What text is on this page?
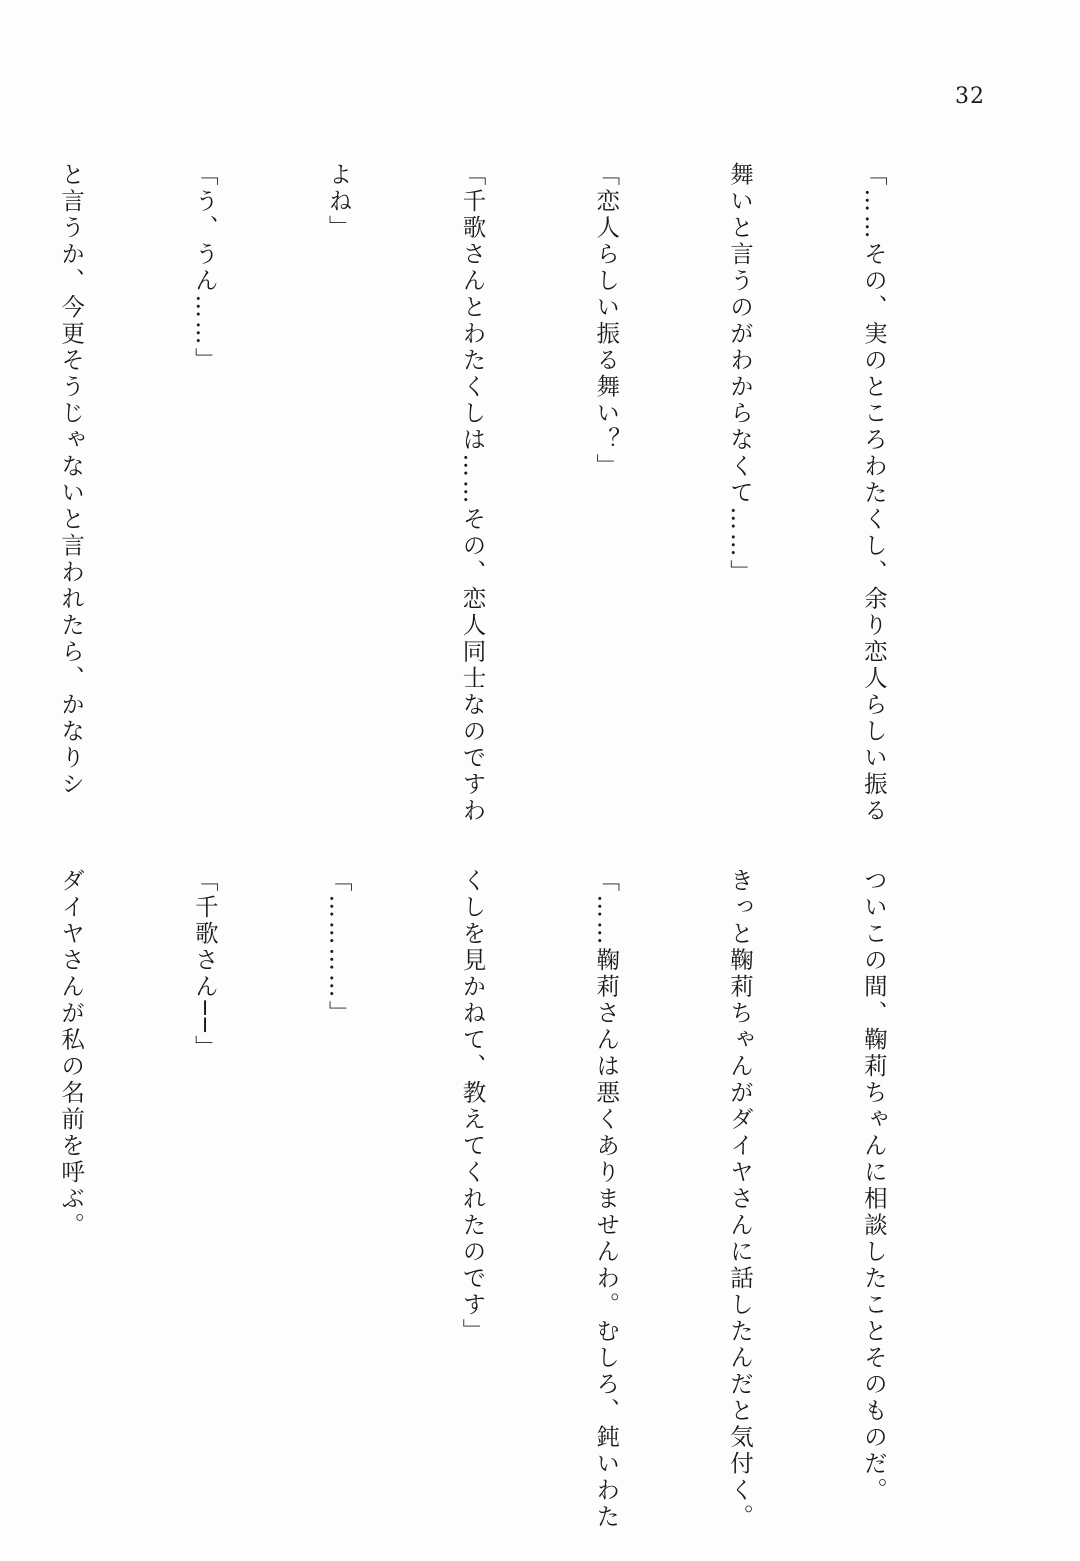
32

「……その、実のところわたくし、余り恋人らしい振る

舞いと言うのがわからなくて……」

「恋人らしい振る舞い？」

「千歌さんとわたくしは……その、恋人同士なのですわ

よね」

「う、うん……」

と言うか、今更そうじゃないと言われたら、かなりシ

ついこの間、鞠莉ちゃんに相談したことそのものだ。

きっと鞠莉ちゃんがダイヤさんに話したんだと気付く。

「……鞠莉さんは悪くありませんわ。むしろ、鈍いわた

くしを見かねて、教えてくれたのです」

「…………」

「千歌さん──」

ダイヤさんが私の名前を呼ぶ。
